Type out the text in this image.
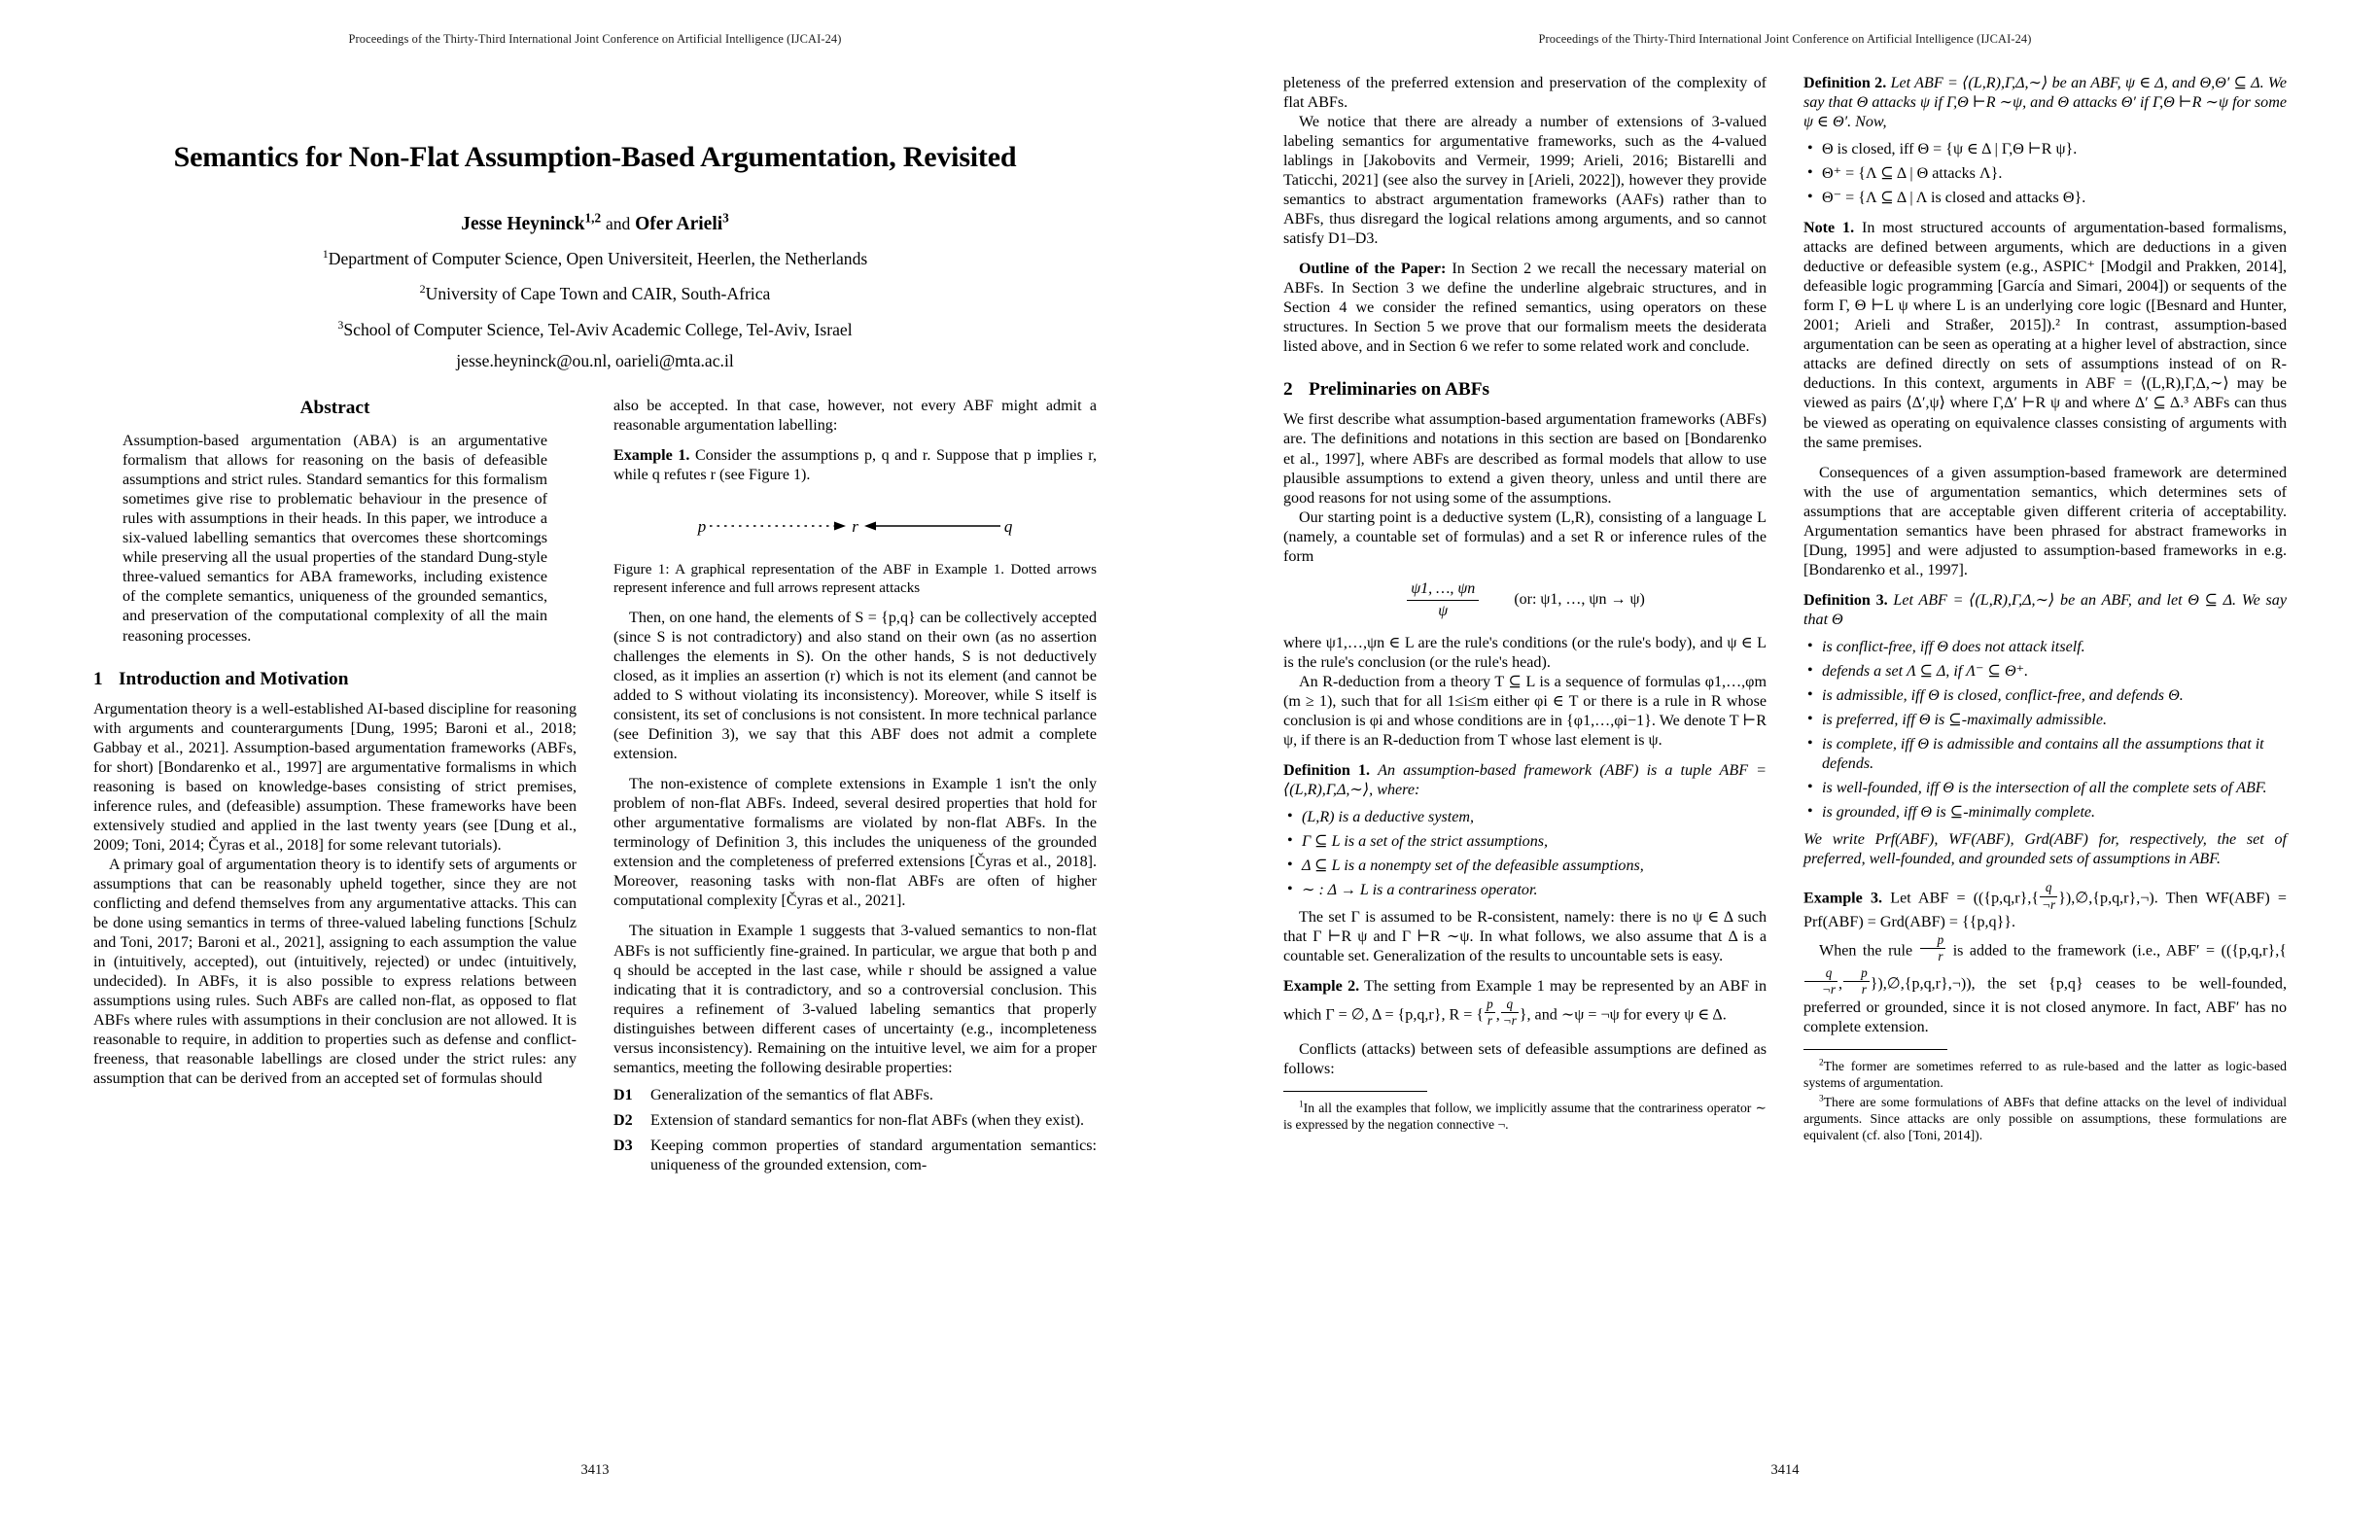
Proceedings of the Thirty-Third International Joint Conference on Artificial Intelligence (IJCAI-24)
Semantics for Non-Flat Assumption-Based Argumentation, Revisited
Jesse Heyninck$^{1,2}$ and Ofer Arieli$^3$
$^1$Department of Computer Science, Open Universiteit, Heerlen, the Netherlands
$^2$University of Cape Town and CAIR, South-Africa
$^3$School of Computer Science, Tel-Aviv Academic College, Tel-Aviv, Israel
jesse.heyninck@ou.nl, oarieli@mta.ac.il
Abstract

Assumption-based argumentation (ABA) is an argumentative formalism that allows for reasoning on the basis of defeasible assumptions and strict rules. Standard semantics for this formalism sometimes give rise to problematic behaviour in the presence of rules with assumptions in their heads. In this paper, we introduce a six-valued labelling semantics that overcomes these shortcomings while preserving all the usual properties of the standard Dung-style three-valued semantics for ABA frameworks, including existence of the complete semantics, uniqueness of the grounded semantics, and preservation of the computational complexity of all the main reasoning processes.

1 Introduction and Motivation

Argumentation theory is a well-established AI-based discipline for reasoning with arguments and counterarguments [Dung, 1995; Baroni et al., 2018; Gabbay et al., 2021]. Assumption-based argumentation frameworks (ABFs, for short) [Bondarenko et al., 1997] are argumentative formalisms in which reasoning is based on knowledge-bases consisting of strict premises, inference rules, and (defeasible) assumption. These frameworks have been extensively studied and applied in the last twenty years (see [Dung et al., 2009; Toni, 2014; Čyras et al., 2018] for some relevant tutorials).

A primary goal of argumentation theory is to identify sets of arguments or assumptions that can be reasonably upheld together, since they are not conflicting and defend themselves from any argumentative attacks. This can be done using semantics in terms of three-valued labeling functions [Schulz and Toni, 2017; Baroni et al., 2021], assigning to each assumption the value in (intuitively, accepted), out (intuitively, rejected) or undec (intuitively, undecided). In ABFs, it is also possible to express relations between assumptions using rules. Such ABFs are called non-flat, as opposed to flat ABFs where rules with assumptions in their conclusion are not allowed. It is reasonable to require, in addition to properties such as defense and conflict-freeness, that reasonable labellings are closed under the strict rules: any assumption that can be derived from an accepted set of formulas should

also be accepted. In that case, however, not every ABF might admit a reasonable argumentation labelling:

Example 1. Consider the assumptions p, q and r. Suppose that p implies r, while q refutes r (see Figure 1).

p	r	q
Figure 1: A graphical representation of the ABF in Example 1. Dotted arrows represent inference and full arrows represent attacks

Then, on one hand, the elements of S = {p,q} can be collectively accepted (since S is not contradictory) and also stand on their own (as no assertion challenges the elements in S). On the other hands, S is not deductively closed, as it implies an assertion (r) which is not its element (and cannot be added to S without violating its inconsistency). Moreover, while S itself is consistent, its set of conclusions is not consistent. In more technical parlance (see Definition 3), we say that this ABF does not admit a complete extension.

The non-existence of complete extensions in Example 1 isn't the only problem of non-flat ABFs. Indeed, several desired properties that hold for other argumentative formalisms are violated by non-flat ABFs. In the terminology of Definition 3, this includes the uniqueness of the grounded extension and the completeness of preferred extensions [Čyras et al., 2018]. Moreover, reasoning tasks with non-flat ABFs are often of higher computational complexity [Čyras et al., 2021].

The situation in Example 1 suggests that 3-valued semantics to non-flat ABFs is not sufficiently fine-grained. In particular, we argue that both p and q should be accepted in the last case, while r should be assigned a value indicating that it is contradictory, and so a controversial conclusion. This requires a refinement of 3-valued labeling semantics that properly distinguishes between different cases of uncertainty (e.g., incompleteness versus inconsistency). Remaining on the intuitive level, we aim for a proper semantics, meeting the following desirable properties:

D1 Generalization of the semantics of flat ABFs.
D2 Extension of standard semantics for non-flat ABFs (when they exist).
D3 Keeping common properties of standard argumentation semantics: uniqueness of the grounded extension, com-
3413
Proceedings of the Thirty-Third International Joint Conference on Artificial Intelligence (IJCAI-24)

pleteness of the preferred extension and preservation of the complexity of flat ABFs.

We notice that there are already a number of extensions of 3-valued labeling semantics for argumentative frameworks, such as the 4-valued lablings in [Jakobovits and Vermeir, 1999; Arieli, 2016; Bistarelli and Taticchi, 2021] (see also the survey in [Arieli, 2022]), however they provide semantics to abstract argumentation frameworks (AAFs) rather than to ABFs, thus disregard the logical relations among arguments, and so cannot satisfy D1–D3.

Outline of the Paper: In Section 2 we recall the necessary material on ABFs. In Section 3 we define the underline algebraic structures, and in Section 4 we consider the refined semantics, using operators on these structures. In Section 5 we prove that our formalism meets the desiderata listed above, and in Section 6 we refer to some related work and conclude.

2 Preliminaries on ABFs

We first describe what assumption-based argumentation frameworks (ABFs) are. The definitions and notations in this section are based on [Bondarenko et al., 1997], where ABFs are described as formal models that allow to use plausible assumptions to extend a given theory, unless and until there are good reasons for not using some of the assumptions.

Our starting point is a deductive system (L,R), consisting of a language L (namely, a countable set of formulas) and a set R or inference rules of the form

$\frac{\psi 1, \dots, \psi n}{\psi} (or$: ψ1, …, ψn → ψ)

where ψ1,…,ψn ∈ L are the rule's conditions (or the rule's body), and ψ ∈ L is the rule's conclusion (or the rule's head).

An R-deduction from a theory T ⊆ L is a sequence of formulas φ1,…,φm (m ≥ 1), such that for all 1≤i≤m either φi ∈ T or there is a rule in R whose conclusion is φi and whose conditions are in {φ1,…,φi−1}. We denote T ⊢R ψ, if there is an R-deduction from T whose last element is ψ.

Definition 1. An assumption-based framework (ABF) is a tuple ABF = ⟨(L,R),Γ,Δ,∼⟩, where:

• (L,R) is a deductive system,
• Γ ⊆ L is a set of the strict assumptions,
• Δ ⊆ L is a nonempty set of the defeasible assumptions,
• ∼ : Δ → L is a contrariness operator.

The set Γ is assumed to be R-consistent, namely: there is no ψ ∈ Δ such that Γ ⊢R ψ and Γ ⊢R ∼ψ. In what follows, we also assume that Δ is a countable set. Generalization of the results to uncountable sets is easy.

Example 2. The setting from Example 1 may be represented by an ABF in which Γ = ∅, Δ = {p,q,r}, R = { $\frac{p}{r}$ , $\frac{q}{\neg r}$ }, and ∼ψ = ¬ψ for every ψ ∈ Δ.

Conflicts (attacks) between sets of defeasible assumptions are defined as follows:

$^1$In all the examples that follow, we implicitly assume that the contrariness operator ∼ is expressed by the negation connective ¬.

Definition 2. Let ABF = ⟨(L,R),Γ,Δ,∼⟩ be an ABF, ψ ∈ Δ, and Θ,Θ′ ⊆ Δ. We say that Θ attacks ψ if Γ,Θ ⊢R ∼ψ, and Θ attacks Θ′ if Γ,Θ ⊢R ∼ψ for some ψ ∈ Θ′. Now,

• Θ is closed, iff Θ = {ψ ∈ Δ | Γ,Θ ⊢R ψ}.
• Θ⁺ = {Λ ⊆ Δ | Θ attacks Λ}.
• Θ⁻ = {Λ ⊆ Δ | Λ is closed and attacks Θ}.

Note 1. In most structured accounts of argumentation-based formalisms, attacks are defined between arguments, which are deductions in a given deductive or defeasible system (e.g., ASPIC⁺ [Modgil and Prakken, 2014], defeasible logic programming [García and Simari, 2004]) or sequents of the form Γ, Θ ⊢L ψ where L is an underlying core logic ([Besnard and Hunter, 2001; Arieli and Straßer, 2015]).² In contrast, assumption-based argumentation can be seen as operating at a higher level of abstraction, since attacks are defined directly on sets of assumptions instead of on R-deductions. In this context, arguments in ABF = ⟨(L,R),Γ,Δ,∼⟩ may be viewed as pairs ⟨Δ′,ψ⟩ where Γ,Δ′ ⊢R ψ and where Δ′ ⊆ Δ.³ ABFs can thus be viewed as operating on equivalence classes consisting of arguments with the same premises.

Consequences of a given assumption-based framework are determined with the use of argumentation semantics, which determines sets of assumptions that are acceptable given different criteria of acceptability. Argumentation semantics have been phrased for abstract frameworks in [Dung, 1995] and were adjusted to assumption-based frameworks in e.g. [Bondarenko et al., 1997].

Definition 3. Let ABF = ⟨(L,R),Γ,Δ,∼⟩ be an ABF, and let Θ ⊆ Δ. We say that Θ

• is conflict-free, iff Θ does not attack itself.
• defends a set Λ ⊆ Δ, if Λ⁻ ⊆ Θ⁺.
• is admissible, iff Θ is closed, conflict-free, and defends Θ.
• is preferred, iff Θ is ⊆-maximally admissible.
• is complete, iff Θ is admissible and contains all the assumptions that it defends.
• is well-founded, iff Θ is the intersection of all the complete sets of ABF.
• is grounded, iff Θ is ⊆-minimally complete.

We write Prf(ABF), WF(ABF), Grd(ABF) for, respectively, the set of preferred, well-founded, and grounded sets of assumptions in ABF.

Example 3. Let ABF = (($\{p,q,r\},\{ \frac{q}{\neg r}$ }),∅,{p,q,r},¬). Then WF(ABF) = Prf(ABF) = Grd(ABF) = {{p,q}}.

When the rule $\frac{p}{r}$ is added to the framework (i.e., ABF′ = (({p,q,r},{
$\frac{q}{\neg r}$ , $\frac{p}{r}$ }),∅,{p,q,r},¬)), the set {p,q} ceases to be well-founded, preferred or grounded, since it is not closed anymore. In fact, ABF′ has no complete extension.

$^2$The former are sometimes referred to as rule-based and the latter as logic-based systems of argumentation.
$^3$There are some formulations of ABFs that define attacks on the level of individual arguments. Since attacks are only possible on assumptions, these formulations are equivalent (cf. also [Toni, 2014]).
3414
